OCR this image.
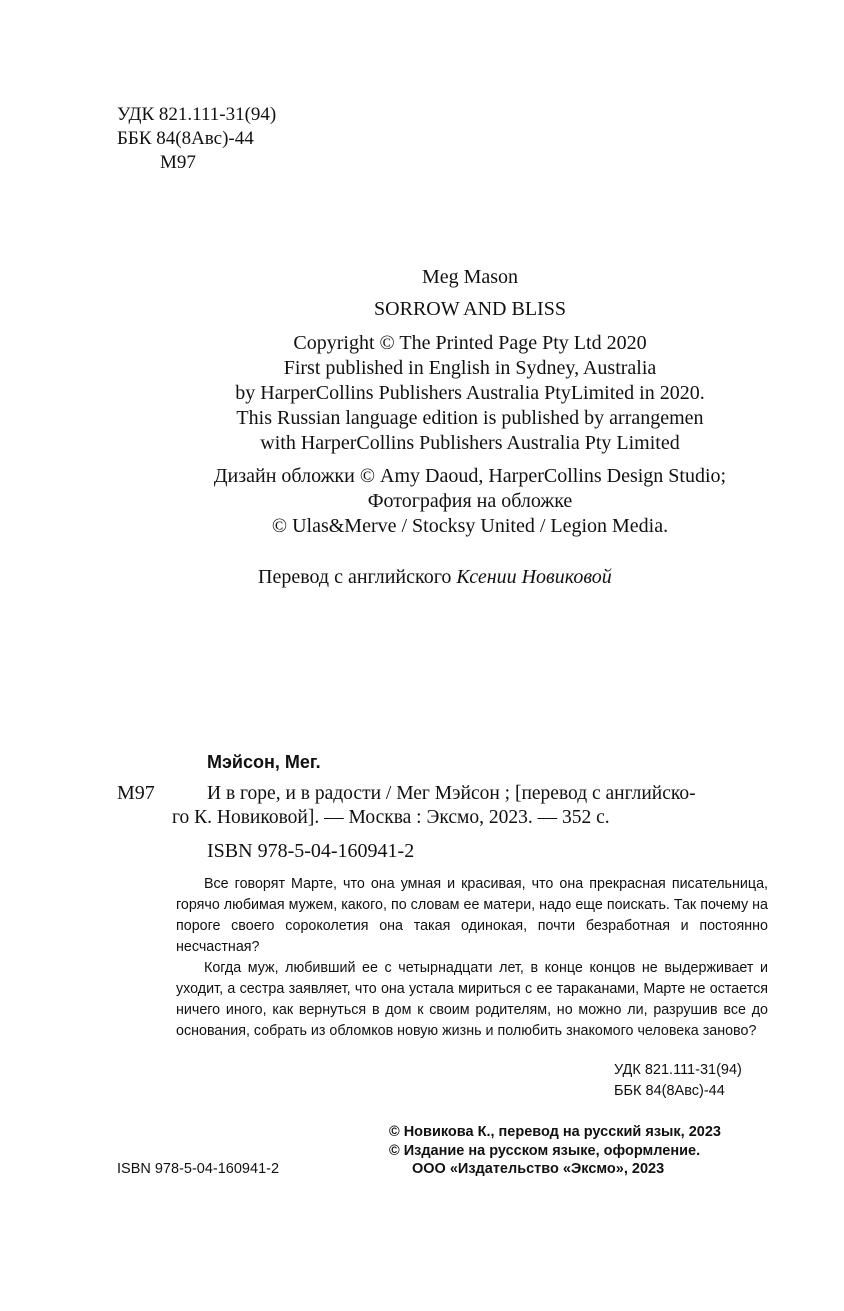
УДК 821.111-31(94)
ББК 84(8Авс)-44
М97
Meg Mason
SORROW AND BLISS
Copyright © The Printed Page Pty Ltd 2020
First published in English in Sydney, Australia
by HarperCollins Publishers Australia PtyLimited in 2020.
This Russian language edition is published by arrangemen
with HarperCollins Publishers Australia Pty Limited
Дизайн обложки © Amy Daoud, HarperCollins Design Studio;
Фотография на обложке
© Ulas&Merve / Stocksy United / Legion Media.
Перевод с английского Ксении Новиковой
Мэйсон, Мег.
М97	И в горе, и в радости / Мег Мэйсон ; [перевод с английско-
го К. Новиковой]. — Москва : Эксмо, 2023. — 352 с.
ISBN 978-5-04-160941-2

Все говорят Марте, что она умная и красивая, что она прекрасная писательница, горячо любимая мужем, какого, по словам ее матери, надо еще поискать. Так почему на пороге своего сороколетия она такая одинокая, почти безработная и постоянно несчастная?

Когда муж, любивший ее с четырнадцати лет, в конце концов не выдерживает и уходит, а сестра заявляет, что она устала мириться с ее тараканами, Марте не остается ничего иного, как вернуться в дом к своим родителям, но можно ли, разрушив все до основания, собрать из обломков новую жизнь и полюбить знакомого человека заново?

УДК 821.111-31(94)
ББК 84(8Авс)-44
© Новикова К., перевод на русский язык, 2023
© Издание на русском языке, оформление.
ООО «Издательство «Эксмо», 2023
ISBN 978-5-04-160941-2
